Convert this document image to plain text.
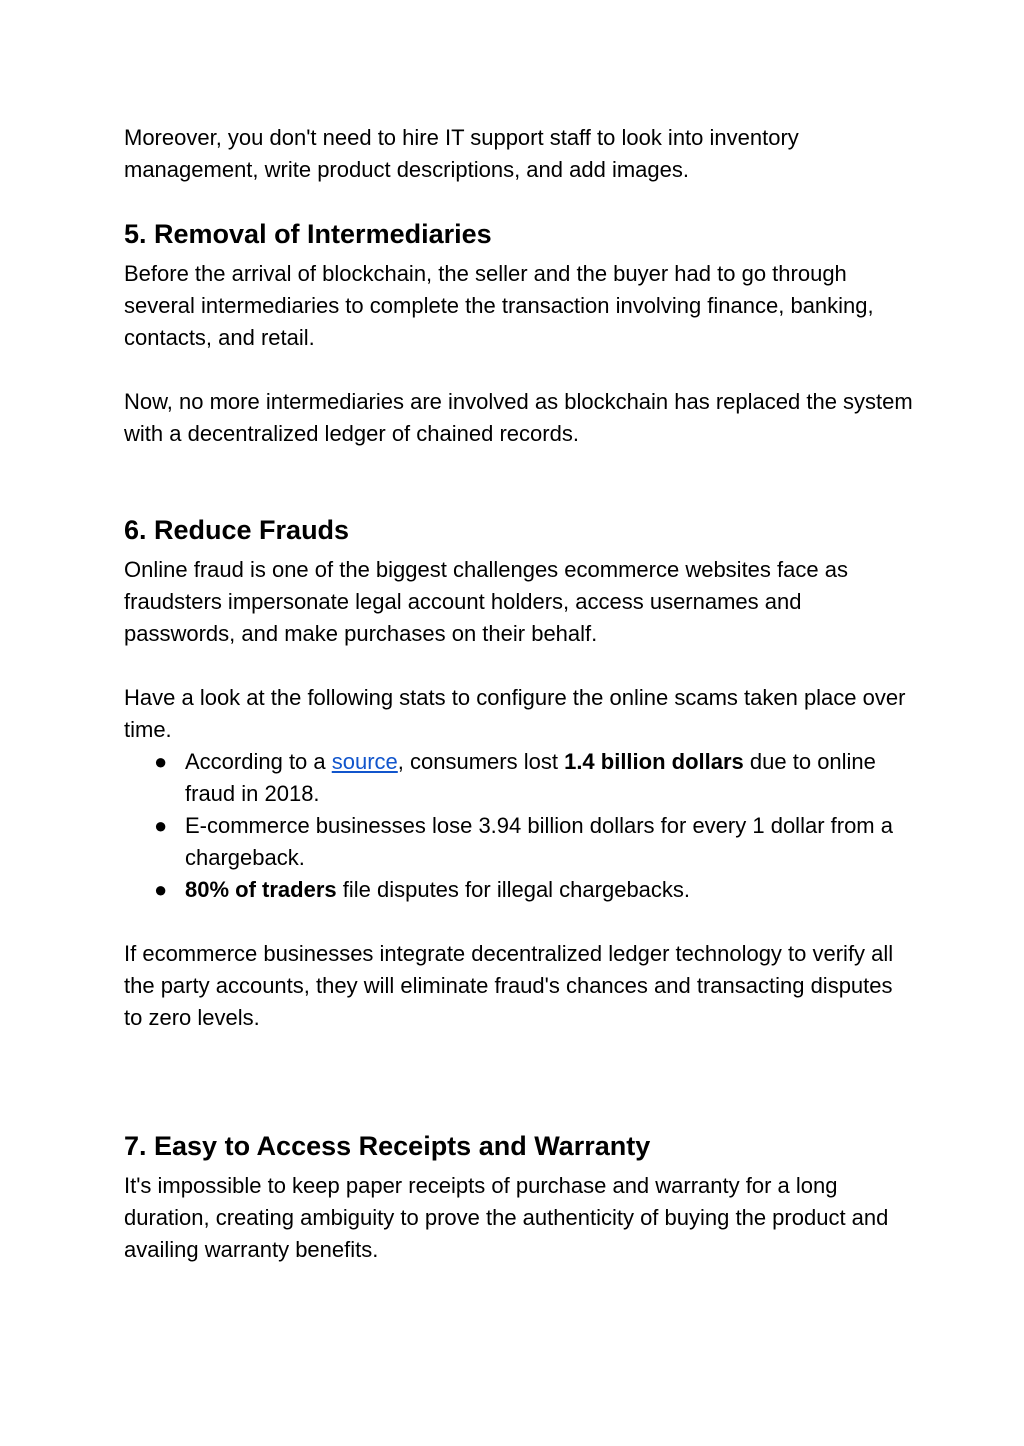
Moreover, you don't need to hire IT support staff to look into inventory management, write product descriptions, and add images.

5. Removal of Intermediaries

Before the arrival of blockchain, the seller and the buyer had to go through several intermediaries to complete the transaction involving finance, banking, contacts, and retail.

Now, no more intermediaries are involved as blockchain has replaced the system with a decentralized ledger of chained records.

6. Reduce Frauds

Online fraud is one of the biggest challenges ecommerce websites face as fraudsters impersonate legal account holders, access usernames and passwords, and make purchases on their behalf.

Have a look at the following stats to configure the online scams taken place over time.

● According to a source, consumers lost 1.4 billion dollars due to online fraud in 2018.
● E-commerce businesses lose 3.94 billion dollars for every 1 dollar from a chargeback.
● 80% of traders file disputes for illegal chargebacks.

If ecommerce businesses integrate decentralized ledger technology to verify all the party accounts, they will eliminate fraud's chances and transacting disputes to zero levels.

7. Easy to Access Receipts and Warranty

It's impossible to keep paper receipts of purchase and warranty for a long duration, creating ambiguity to prove the authenticity of buying the product and availing warranty benefits.
